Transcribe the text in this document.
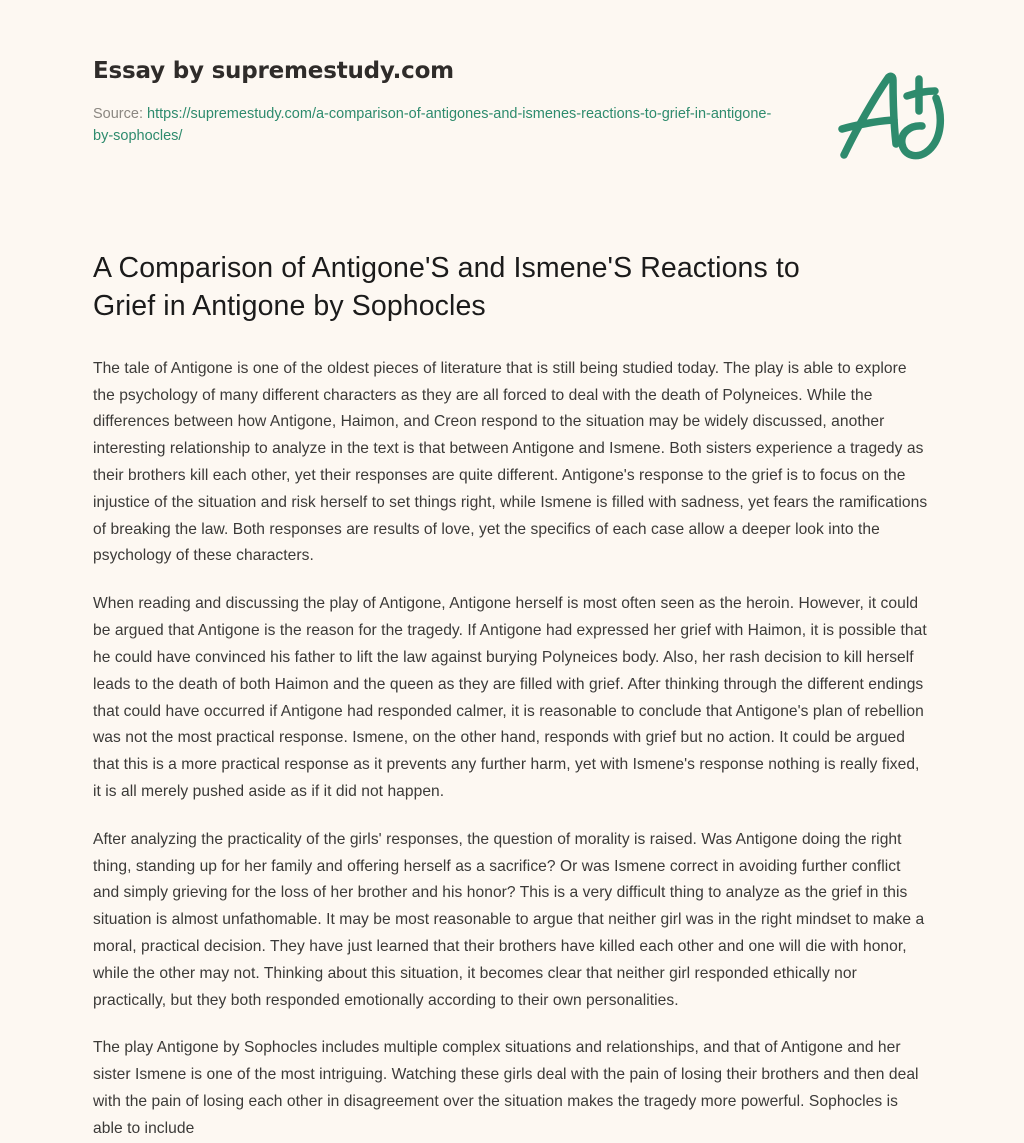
Essay by supremestudy.com
Source: https://supremestudy.com/a-comparison-of-antigones-and-ismenes-reactions-to-grief-in-antigone-by-sophocles/
A Comparison of Antigone'S and Ismene'S Reactions to Grief in Antigone by Sophocles

The tale of Antigone is one of the oldest pieces of literature that is still being studied today. The play is able to explore the psychology of many different characters as they are all forced to deal with the death of Polyneices. While the differences between how Antigone, Haimon, and Creon respond to the situation may be widely discussed, another interesting relationship to analyze in the text is that between Antigone and Ismene. Both sisters experience a tragedy as their brothers kill each other, yet their responses are quite different. Antigone's response to the grief is to focus on the injustice of the situation and risk herself to set things right, while Ismene is filled with sadness, yet fears the ramifications of breaking the law. Both responses are results of love, yet the specifics of each case allow a deeper look into the psychology of these characters.

When reading and discussing the play of Antigone, Antigone herself is most often seen as the heroin. However, it could be argued that Antigone is the reason for the tragedy. If Antigone had expressed her grief with Haimon, it is possible that he could have convinced his father to lift the law against burying Polyneices body. Also, her rash decision to kill herself leads to the death of both Haimon and the queen as they are filled with grief. After thinking through the different endings that could have occurred if Antigone had responded calmer, it is reasonable to conclude that Antigone's plan of rebellion was not the most practical response. Ismene, on the other hand, responds with grief but no action. It could be argued that this is a more practical response as it prevents any further harm, yet with Ismene's response nothing is really fixed, it is all merely pushed aside as if it did not happen.

After analyzing the practicality of the girls' responses, the question of morality is raised. Was Antigone doing the right thing, standing up for her family and offering herself as a sacrifice? Or was Ismene correct in avoiding further conflict and simply grieving for the loss of her brother and his honor? This is a very difficult thing to analyze as the grief in this situation is almost unfathomable. It may be most reasonable to argue that neither girl was in the right mindset to make a moral, practical decision. They have just learned that their brothers have killed each other and one will die with honor, while the other may not. Thinking about this situation, it becomes clear that neither girl responded ethically nor practically, but they both responded emotionally according to their own personalities.

The play Antigone by Sophocles includes multiple complex situations and relationships, and that of Antigone and her sister Ismene is one of the most intriguing. Watching these girls deal with the pain of losing their brothers and then deal with the pain of losing each other in disagreement over the situation makes the tragedy more powerful. Sophocles is able to include
